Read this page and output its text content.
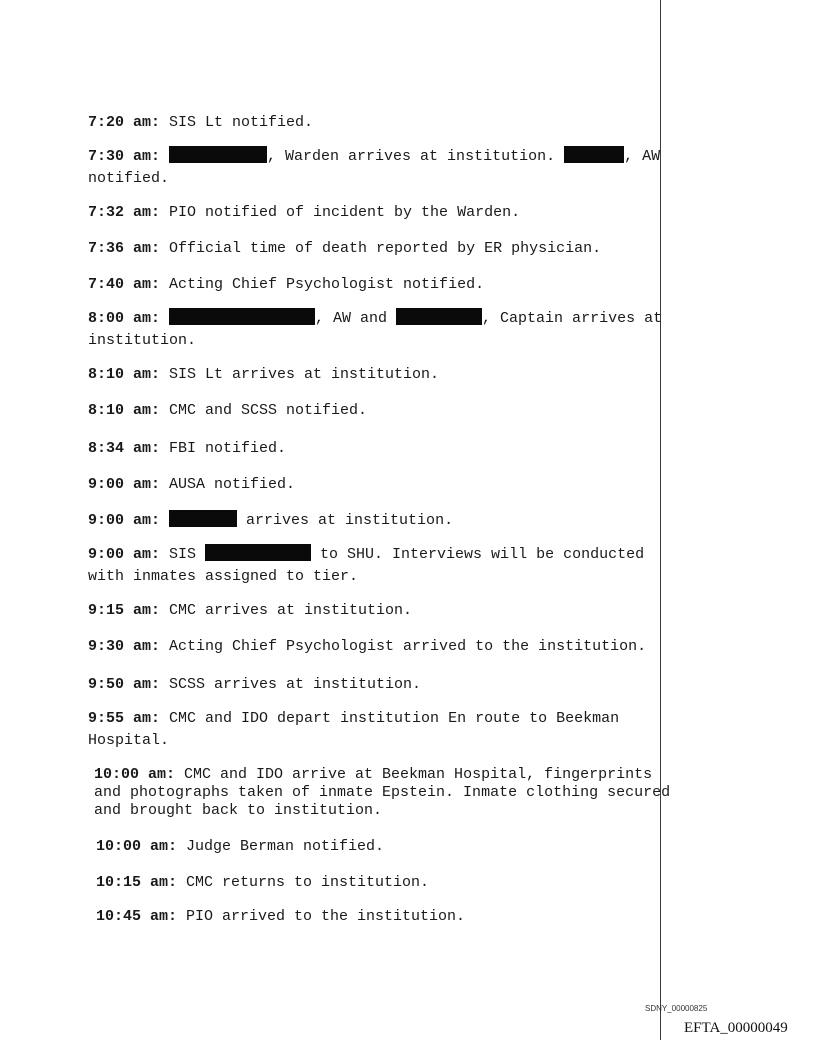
7:20 am: SIS Lt notified.
7:30 am:	, Warden arrives at institution.	, AW
notified.
7:32 am: PIO notified of incident by the Warden.
7:36 am: Official time of death reported by ER physician.
7:40 am: Acting Chief Psychologist notified.
8:00 am:	, AW and	, Captain arrives at
institution.
8:10 am: SIS Lt arrives at institution.
8:10 am: CMC and SCSS notified.
8:34 am: FBI notified.
9:00 am: AUSA notified.
9:00 am:	arrives at institution.
9:00 am: SIS	to SHU. Interviews will be conducted
with inmates assigned to tier.
9:15 am: CMC arrives at institution.
9:30 am: Acting Chief Psychologist arrived to the institution.
9:50 am: SCSS arrives at institution.
9:55 am: CMC and IDO depart institution En route to Beekman
Hospital.
10:00 am: CMC and IDO arrive at Beekman Hospital, fingerprints
and photographs taken of inmate Epstein. Inmate clothing secured
and brought back to institution.
10:00 am: Judge Berman notified.
10:15 am: CMC returns to institution.
10:45 am: PIO arrived to the institution.
SDNY_00000825
EFTA_00000049
